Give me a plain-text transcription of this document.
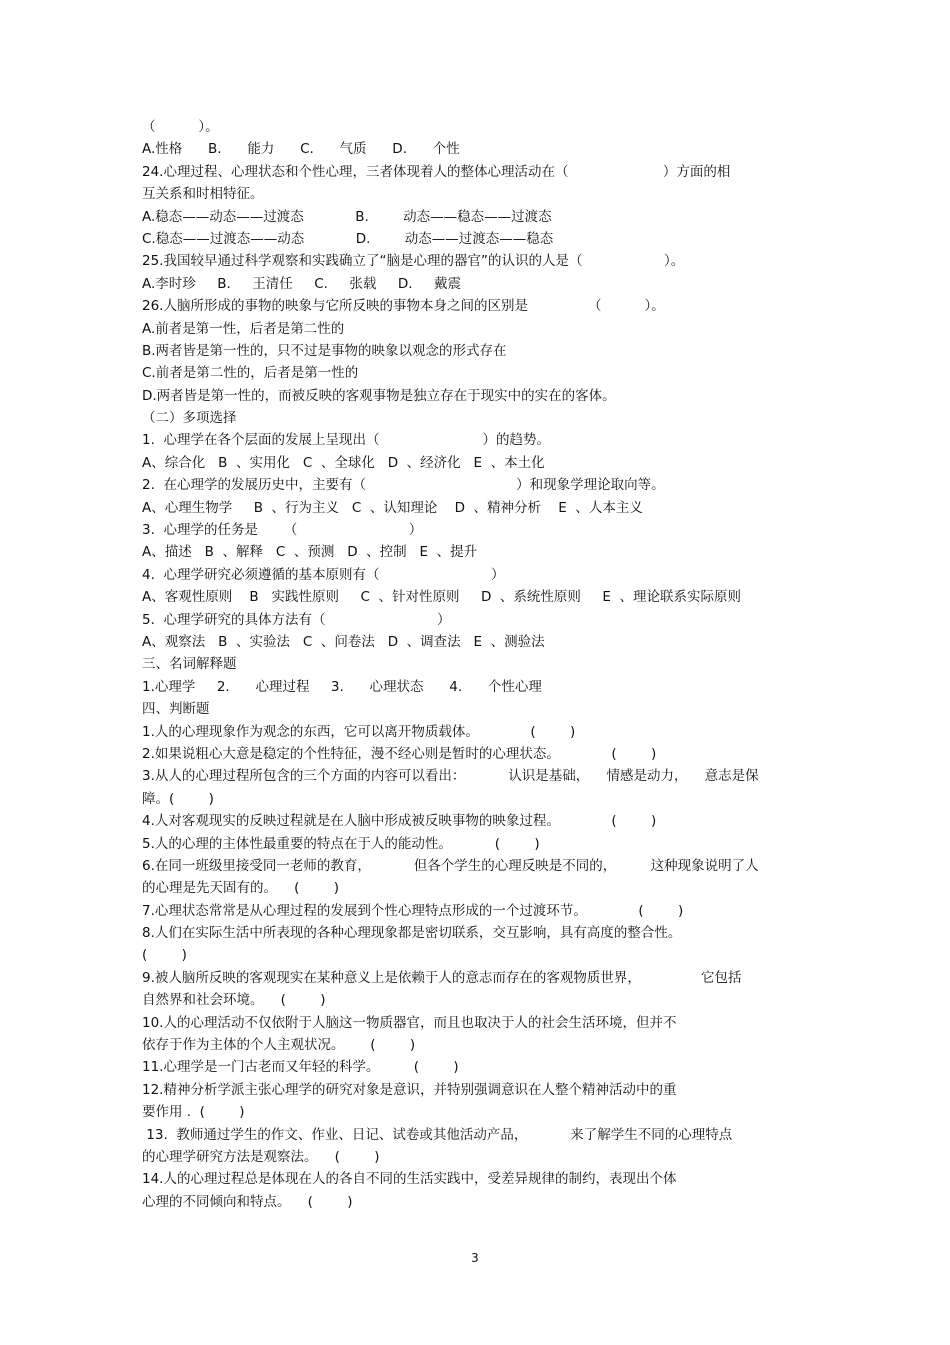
（          ）。
A.性格      B.      能力      C.      气质      D.      个性
24.心理过程、心理状态和个性心理，三者体现着人的整体心理活动在（                      ）方面的相
互关系和时相特征。
A.稳态——动态——过渡态            B.        动态——稳态——过渡态
C.稳态——过渡态——动态            D.        动态——过渡态——稳态
25.我国较早通过科学观察和实践确立了“脑是心理的器官”的认识的人是（                   ）。
A.李时珍     B.     王清任     C.     张载     D.     戴震
26.人脑所形成的事物的映象与它所反映的事物本身之间的区别是              （          ）。
A.前者是第一性，后者是第二性的
B.两者皆是第一性的，只不过是事物的映象以观念的形式存在
C.前者是第二性的，后者是第一性的
D.两者皆是第一性的，而被反映的客观事物是独立存在于现实中的实在的客体。
（二）多项选择
1.  心理学在各个层面的发展上呈现出（                        ）的趋势。
A、综合化   B  、实用化   C  、全球化   D  、经济化   E  、本土化
2.  在心理学的发展历史中，主要有（                                   ）和现象学理论取向等。
A、心理生物学     B  、行为主义   C  、认知理论    D  、精神分析    E  、人本主义
3.  心理学的任务是      （                          ）
A、描述   B  、解释   C  、预测   D  、控制   E  、提升
4.  心理学研究必须遵循的基本原则有（                          ）
A、客观性原则    B   实践性原则     C  、针对性原则     D  、系统性原则     E  、理论联系实际原则
5.  心理学研究的具体方法有（                          ）
A、观察法   B  、实验法   C  、问卷法   D  、调查法   E  、测验法
三、名词解释题
1.心理学     2.      心理过程     3.      心理状态      4.      个性心理
四、判断题
1.人的心理现象作为观念的东西，它可以离开物质载体。            (        )
2.如果说粗心大意是稳定的个性特征，漫不经心则是暂时的心理状态。            (        )
3.从人的心理过程所包含的三个方面的内容可以看出：          认识是基础，    情感是动力，    意志是保
障。(        )
4.人对客观现实的反映过程就是在人脑中形成被反映事物的映象过程。            (        )
5.人的心理的主体性最重要的特点在于人的能动性。          (        )
6.在同一班级里接受同一老师的教育，          但各个学生的心理反映是不同的，        这种现象说明了人
的心理是先天固有的。    (        )
7.心理状态常常是从心理过程的发展到个性心理特点形成的一个过渡环节。            (        )
8.人们在实际生活中所表现的各种心理现象都是密切联系，交互影响，具有高度的整合性。
(        )
9.被人脑所反映的客观现实在某种意义上是依赖于人的意志而存在的客观物质世界，              它包括
自然界和社会环境。    (        )
10.人的心理活动不仅依附于人脑这一物质器官，而且也取决于人的社会生活环境，但并不
依存于作为主体的个人主观状况。      (        )
11.心理学是一门古老而又年轻的科学。        (        )
12.精神分析学派主张心理学的研究对象是意识，并特别强调意识在人整个精神活动中的重
要作用 .  (        )
13.  教师通过学生的作文、作业、日记、试卷或其他活动产品，          来了解学生不同的心理特点
的心理学研究方法是观察法。    (        )
14.人的心理过程总是体现在人的各自不同的生活实践中，受差异规律的制约，表现出个体
心理的不同倾向和特点。    (        )
3
